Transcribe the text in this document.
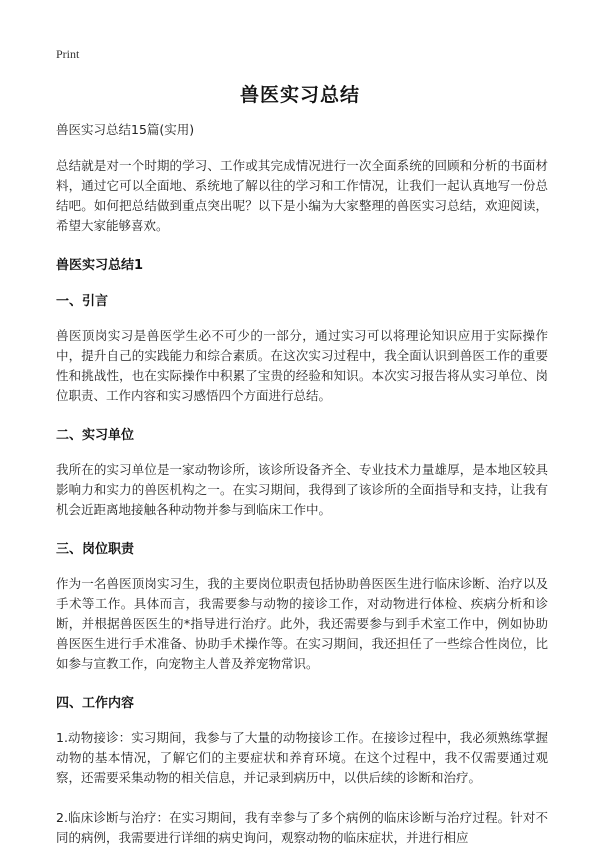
Print
兽医实习总结

兽医实习总结15篇(实用)

总结就是对一个时期的学习、工作或其完成情况进行一次全面系统的回顾和分析的书面材料，通过它可以全面地、系统地了解以往的学习和工作情况，让我们一起认真地写一份总结吧。如何把总结做到重点突出呢？以下是小编为大家整理的兽医实习总结，欢迎阅读，希望大家能够喜欢。

兽医实习总结1
一、引言

兽医顶岗实习是兽医学生必不可少的一部分，通过实习可以将理论知识应用于实际操作中，提升自己的实践能力和综合素质。在这次实习过程中，我全面认识到兽医工作的重要性和挑战性，也在实际操作中积累了宝贵的经验和知识。本次实习报告将从实习单位、岗位职责、工作内容和实习感悟四个方面进行总结。

二、实习单位

我所在的实习单位是一家动物诊所，该诊所设备齐全、专业技术力量雄厚，是本地区较具影响力和实力的兽医机构之一。在实习期间，我得到了该诊所的全面指导和支持，让我有机会近距离地接触各种动物并参与到临床工作中。

三、岗位职责

作为一名兽医顶岗实习生，我的主要岗位职责包括协助兽医医生进行临床诊断、治疗以及手术等工作。具体而言，我需要参与动物的接诊工作，对动物进行体检、疾病分析和诊断，并根据兽医医生的*指导进行治疗。此外，我还需要参与到手术室工作中，例如协助兽医医生进行手术准备、协助手术操作等。在实习期间，我还担任了一些综合性岗位，比如参与宣教工作，向宠物主人普及养宠物常识。

四、工作内容

1.动物接诊：实习期间，我参与了大量的动物接诊工作。在接诊过程中，我必须熟练掌握动物的基本情况，了解它们的主要症状和养育环境。在这个过程中，我不仅需要通过观察，还需要采集动物的相关信息，并记录到病历中，以供后续的诊断和治疗。

2.临床诊断与治疗：在实习期间，我有幸参与了多个病例的临床诊断与治疗过程。针对不同的病例，我需要进行详细的病史询问，观察动物的临床症状，并进行相应
